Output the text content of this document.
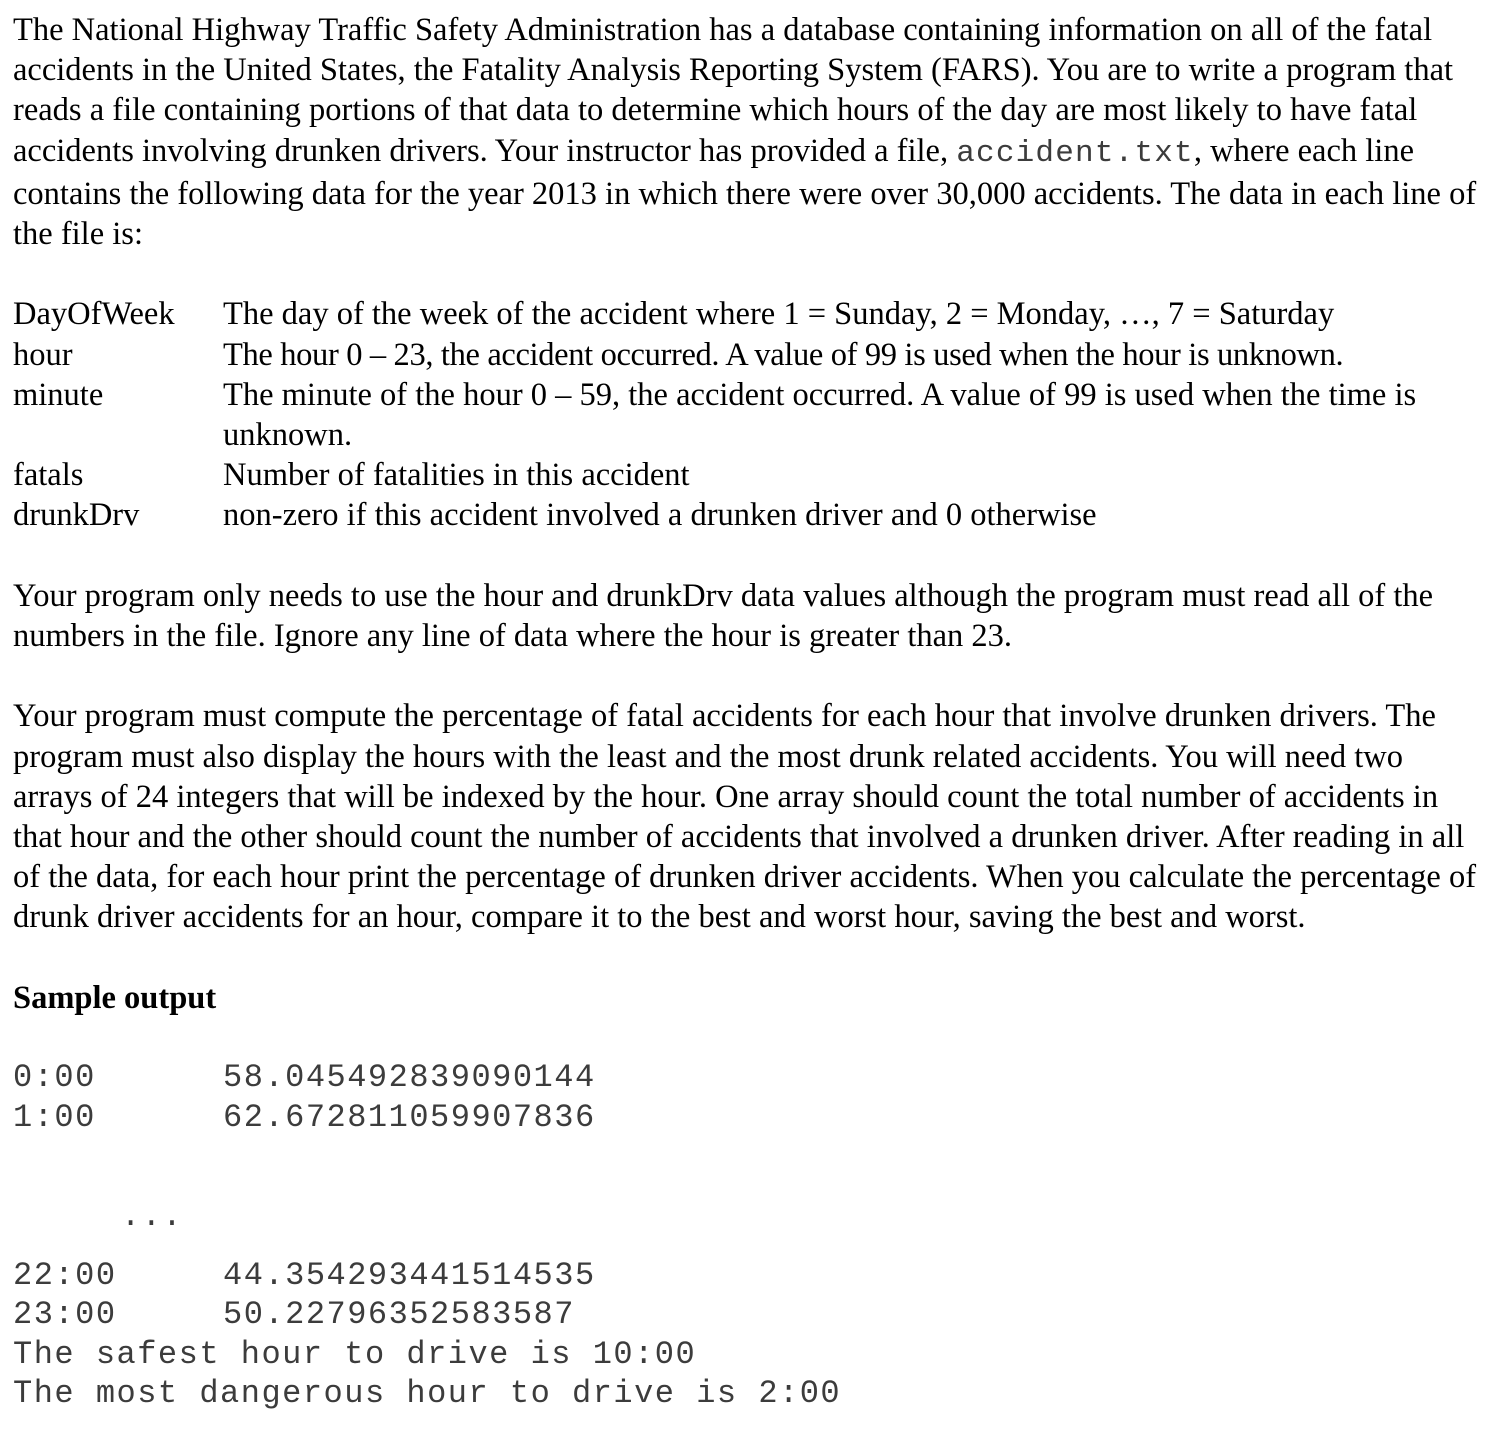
The National Highway Traffic Safety Administration has a database containing information on all of the fatal accidents in the United States, the Fatality Analysis Reporting System (FARS). You are to write a program that reads a file containing portions of that data to determine which hours of the day are most likely to have fatal accidents involving drunken drivers. Your instructor has provided a file, accident.txt, where each line contains the following data for the year 2013 in which there were over 30,000 accidents. The data in each line of the file is:

DayOfWeek	The day of the week of the accident where 1 = Sunday, 2 = Monday, …, 7 = Saturday
hour	The hour 0 – 23, the accident occurred. A value of 99 is used when the hour is unknown.
minute	The minute of the hour 0 – 59, the accident occurred. A value of 99 is used when the time is unknown.
fatals	Number of fatalities in this accident
drunkDrv	non-zero if this accident involved a drunken driver and 0 otherwise

Your program only needs to use the hour and drunkDrv data values although the program must read all of the numbers in the file. Ignore any line of data where the hour is greater than 23.

Your program must compute the percentage of fatal accidents for each hour that involve drunken drivers. The program must also display the hours with the least and the most drunk related accidents. You will need two arrays of 24 integers that will be indexed by the hour. One array should count the total number of accidents in that hour and the other should count the number of accidents that involved a drunken driver. After reading in all of the data, for each hour print the percentage of drunken driver accidents. When you calculate the percentage of drunk driver accidents for an hour, compare it to the best and worst hour, saving the best and worst.

Sample output

0:00	58.045492839090144
1:00	62.672811059907836
...
22:00	44.354293441514535
23:00	50.22796352583587
The safest hour to drive is 10:00
The most dangerous hour to drive is 2:00
